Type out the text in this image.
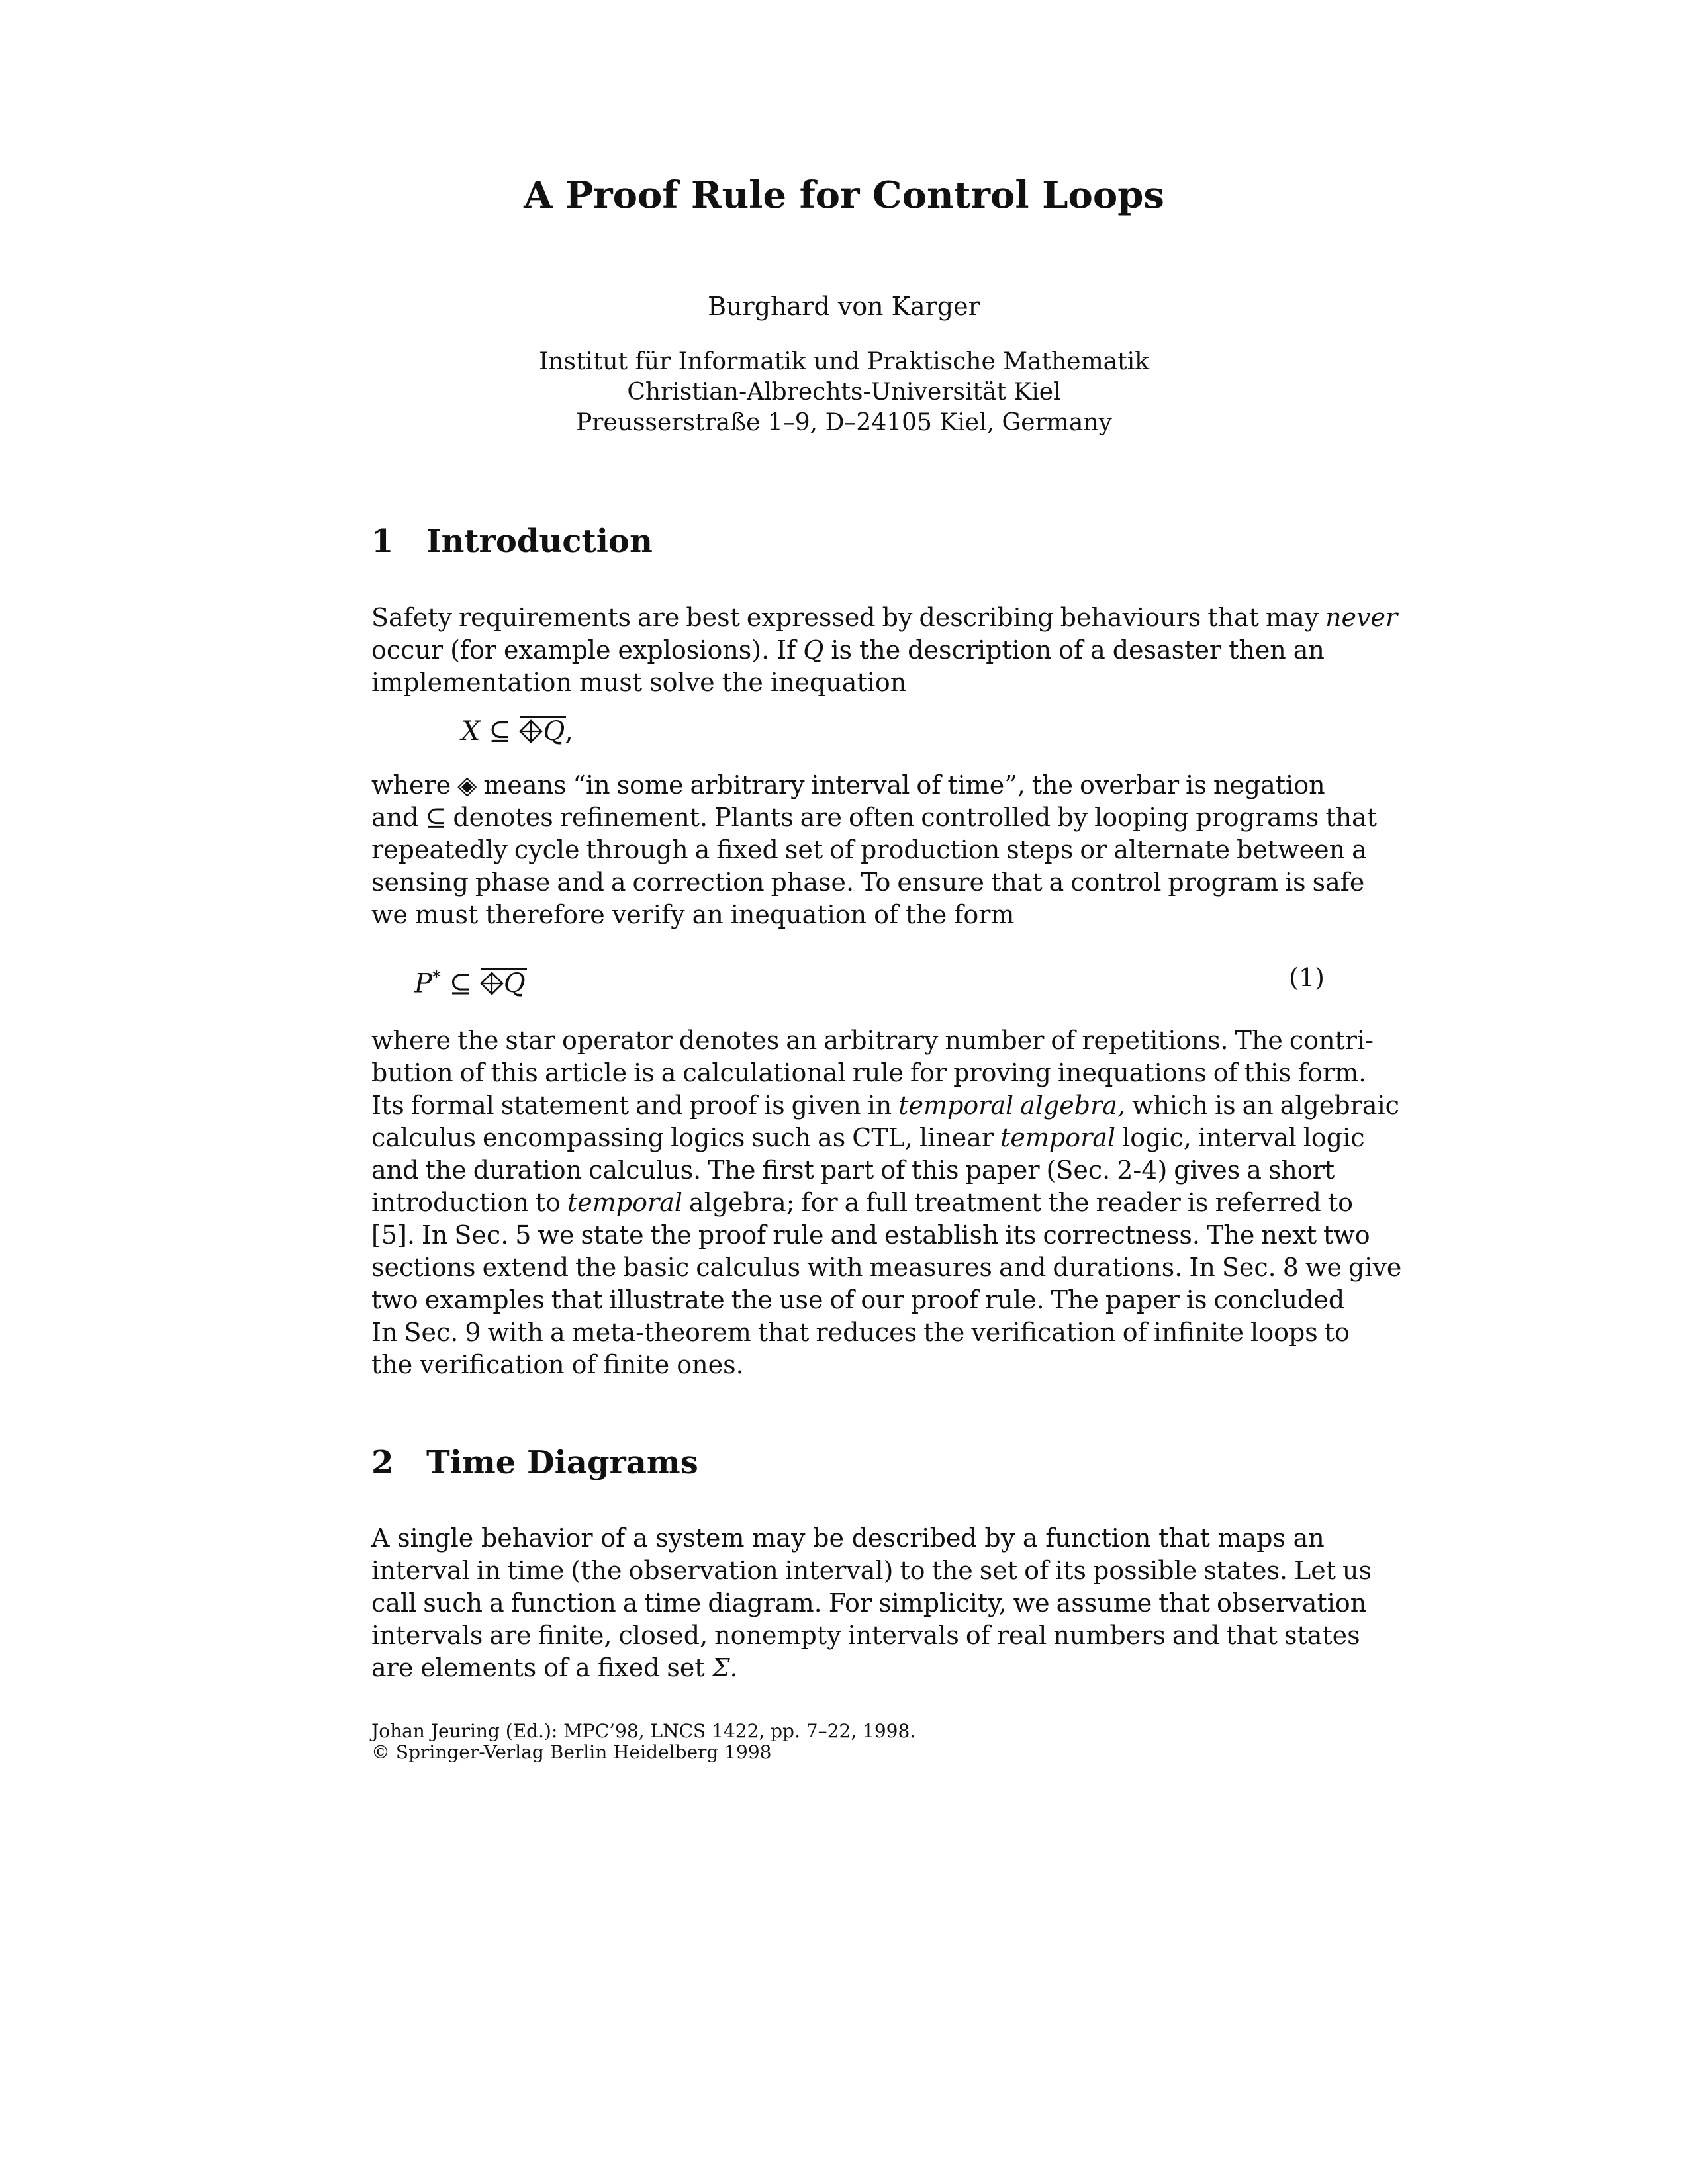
A Proof Rule for Control Loops
Burghard von Karger
Institut für Informatik und Praktische Mathematik
Christian-Albrechts-Universität Kiel
Preusserstraße 1–9, D–24105 Kiel, Germany
1 Introduction
Safety requirements are best expressed by describing behaviours that may never
occur (for example explosions). If Q is the description of a desaster then an
implementation must solve the inequation
X ⊆ Q,
where ◈ means “in some arbitrary interval of time”, the overbar is negation
and ⊆ denotes refinement. Plants are often controlled by looping programs that
repeatedly cycle through a fixed set of production steps or alternate between a
sensing phase and a correction phase. To ensure that a control program is safe
we must therefore verify an inequation of the form
P* ⊆ Q	(1)
where the star operator denotes an arbitrary number of repetitions. The contri-
bution of this article is a calculational rule for proving inequations of this form.
Its formal statement and proof is given in temporal algebra, which is an algebraic
calculus encompassing logics such as CTL, linear temporal logic, interval logic
and the duration calculus. The first part of this paper (Sec. 2-4) gives a short
introduction to temporal algebra; for a full treatment the reader is referred to
[5]. In Sec. 5 we state the proof rule and establish its correctness. The next two
sections extend the basic calculus with measures and durations. In Sec. 8 we give
two examples that illustrate the use of our proof rule. The paper is concluded
In Sec. 9 with a meta-theorem that reduces the verification of infinite loops to
the verification of finite ones.
2 Time Diagrams
A single behavior of a system may be described by a function that maps an
interval in time (the observation interval) to the set of its possible states. Let us
call such a function a time diagram. For simplicity, we assume that observation
intervals are finite, closed, nonempty intervals of real numbers and that states
are elements of a fixed set Σ.
Johan Jeuring (Ed.): MPC’98, LNCS 1422, pp. 7–22, 1998.
© Springer-Verlag Berlin Heidelberg 1998
